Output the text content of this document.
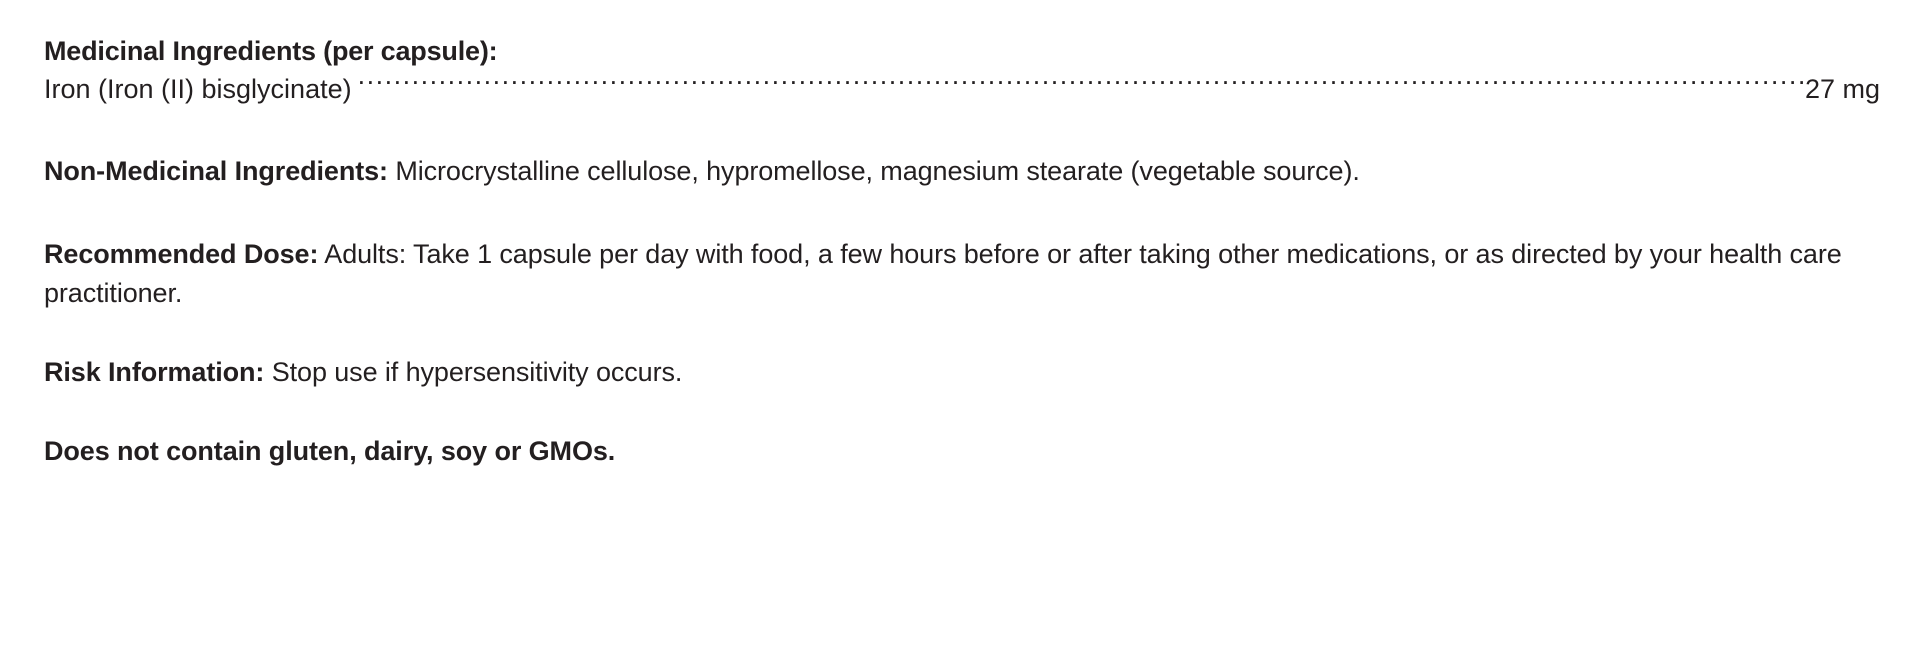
Medicinal Ingredients (per capsule):
Iron (Iron (II) bisglycinate) .....	27 mg

Non-Medicinal Ingredients: Microcrystalline cellulose, hypromellose, magnesium stearate (vegetable source).

Recommended Dose: Adults: Take 1 capsule per day with food, a few hours before or after taking other medications, or as directed by your health care practitioner.

Risk Information: Stop use if hypersensitivity occurs.

Does not contain gluten, dairy, soy or GMOs.
